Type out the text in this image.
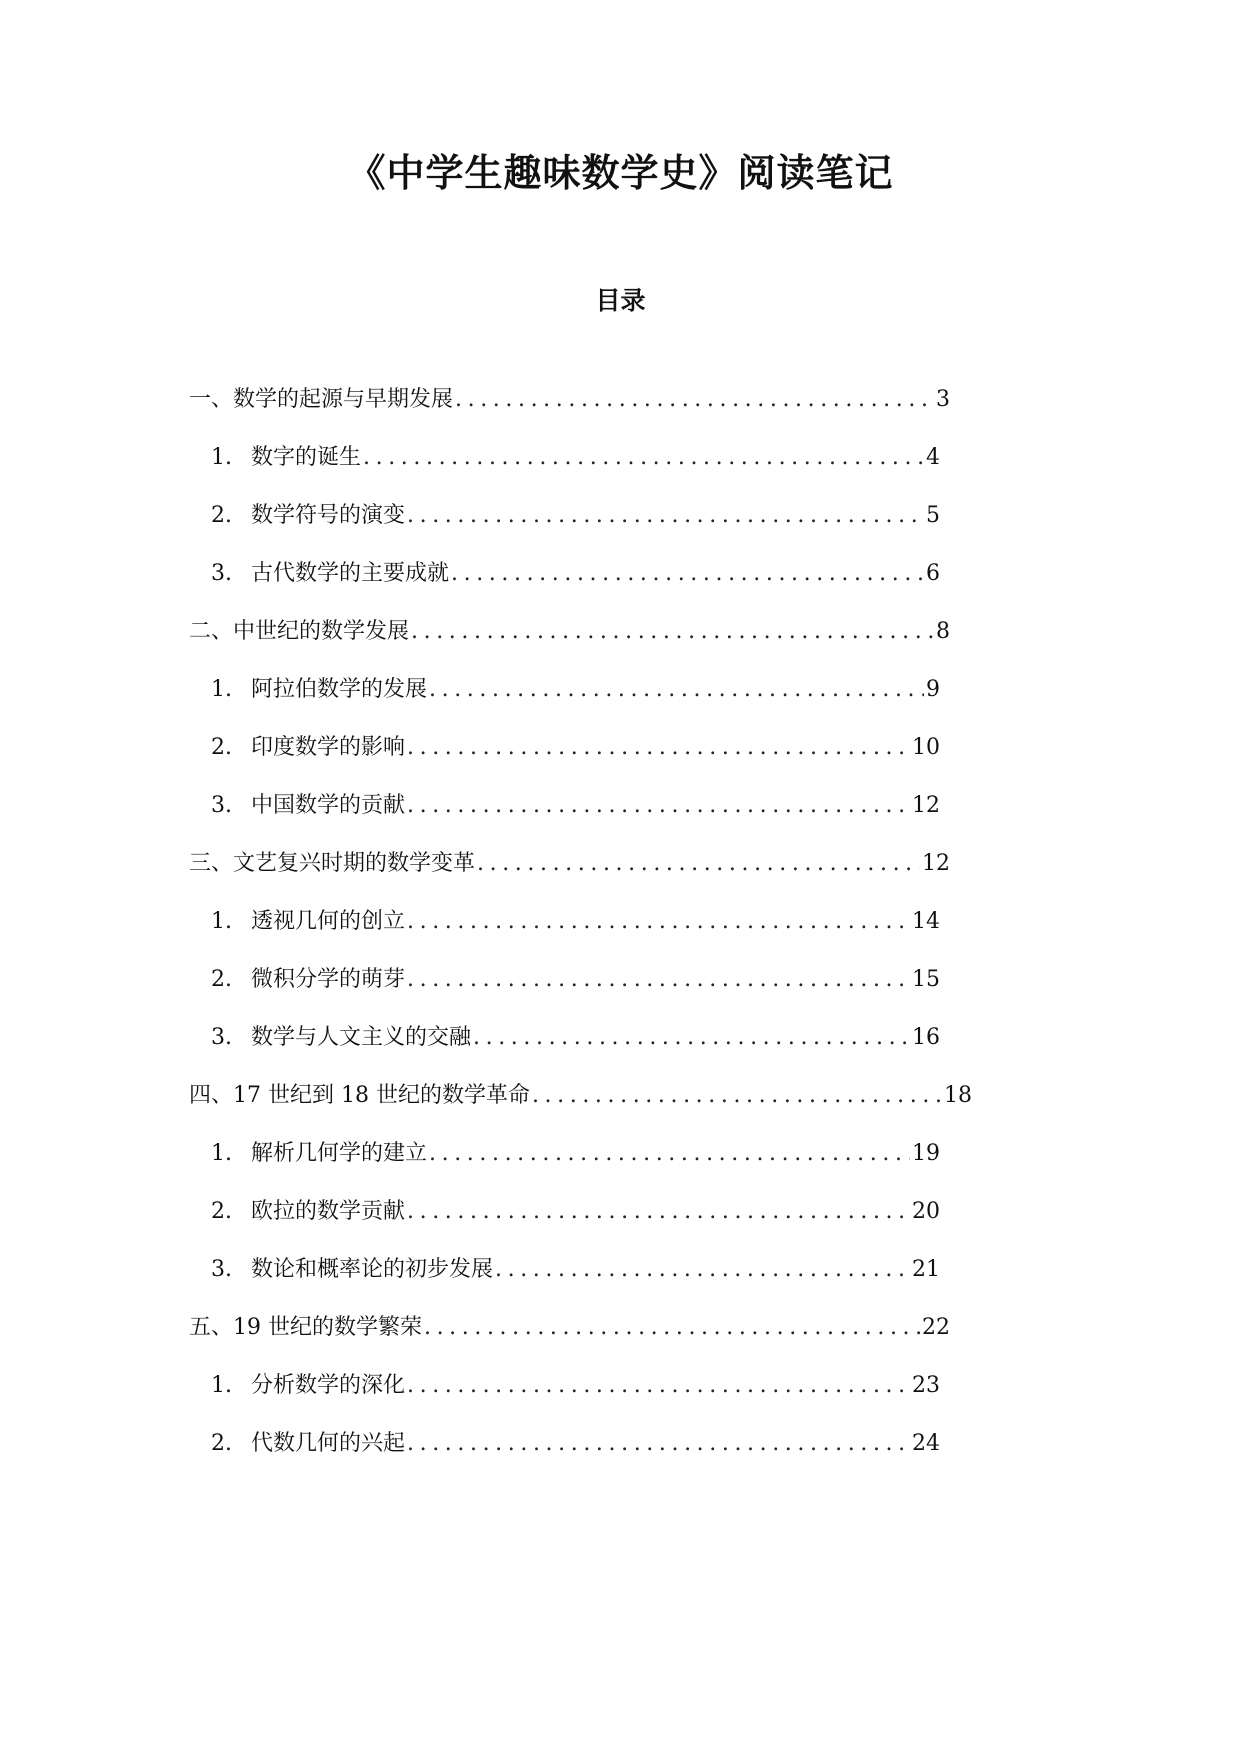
《中学生趣味数学史》阅读笔记
目录
一、数学的起源与早期发展 .....	3
1. 数字的诞生 .....	4
2. 数学符号的演变 .....	5
3. 古代数学的主要成就 .....	6
二、中世纪的数学发展 .....	8
1. 阿拉伯数学的发展 .....	9
2. 印度数学的影响 .....	10
3. 中国数学的贡献 .....	12
三、文艺复兴时期的数学变革 .....	12
1. 透视几何的创立 .....	14
2. 微积分学的萌芽 .....	15
3. 数学与人文主义的交融 .....	16
四、17 世纪到 18 世纪的数学革命 .....	18
1. 解析几何学的建立 .....	19
2. 欧拉的数学贡献 .....	20
3. 数论和概率论的初步发展 .....	21
五、19 世纪的数学繁荣 .....	22
1. 分析数学的深化 .....	23
2. 代数几何的兴起 .....	24
